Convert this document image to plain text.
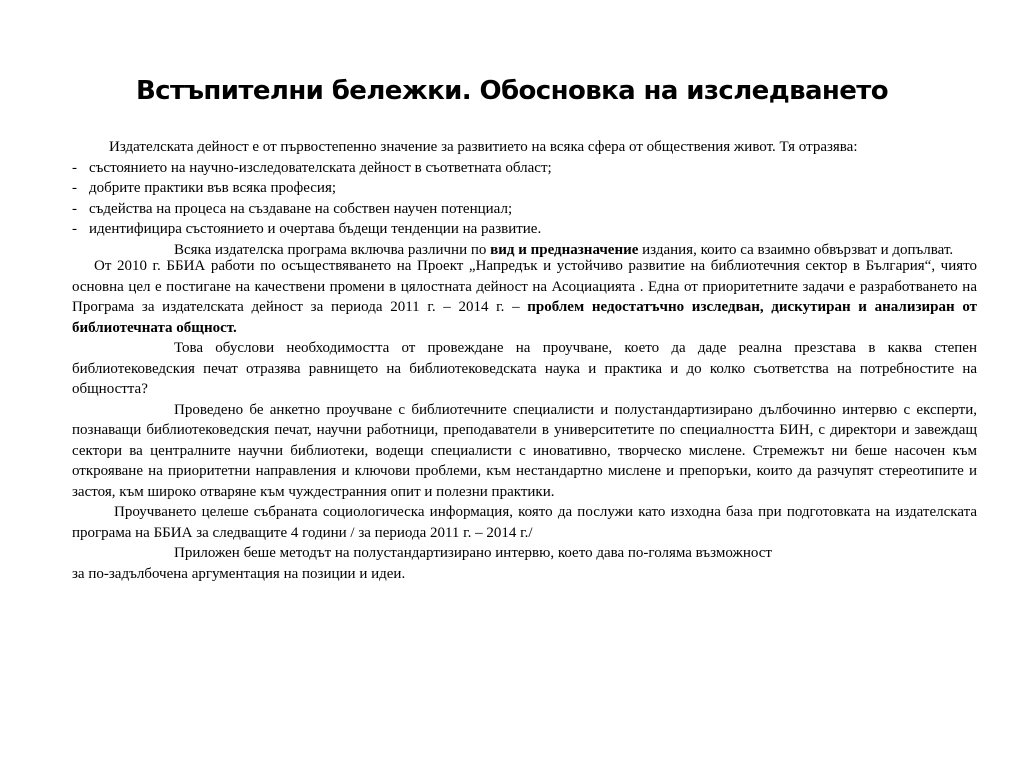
Встъпителни бележки. Обосновка на изследването

Издателската дейност е от първостепенно значение за развитието на всяка сфера от обществения живот. Тя отразява:

- състоянието на научно-изследователската дейност в съответната област;
- добрите практики във всяка професия;
- съдейства на процеса на създаване на собствен научен потенциал;
- идентифицира състоянието и очертава бъдещи тенденции на развитие.

Всяка издателска програма включва различни по вид и предназначение издания, които са взаимно обвързват и допълват.

От 2010 г. ББИА работи по осъществяването на Проект „Напредък и устойчиво развитие на библиотечния сектор в България“, чиято основна цел е постигане на качествени промени в цялостната дейност на Асоциацията . Една от приоритетните задачи е разработването на Програма за издателската дейност за периода 2011 г. – 2014 г. – проблем недостатъчно изследван, дискутиран и анализиран от библиотечната общност.

Това обуслови необходимостта от провеждане на проучване, което да даде реална презстава в каква степен библиотековедския печат отразява равнището на библиотековедската наука и практика и до колко съответства на потребностите на общността?

Проведено бе анкетно проучване с библиотечните специалисти и полустандартизирано дълбочинно интервю с експерти, познаващи библиотековедския печат, научни работници, преподаватели в университетите по специалността БИН, с директори и завеждащ сектори ва централните научни библиотеки, водещи специалисти с иновативно, творческо мислене. Стремежът ни беше насочен към открояване на приоритетни направления и ключови проблеми, към нестандартно мислене и препоръки, които да разчупят стереотипите и застоя, към широко отваряне към чуждестранния опит и полезни практики.

Проучването целеше събраната социологическа информация, която да послужи като изходна база при подготовката на издателската програма на ББИА за следващите 4 години / за периода 2011 г. – 2014 г./

Приложен беше методът на полустандартизирано интервю, което дава по-голяма възможност
за по-задълбочена аргументация на позиции и идеи.
